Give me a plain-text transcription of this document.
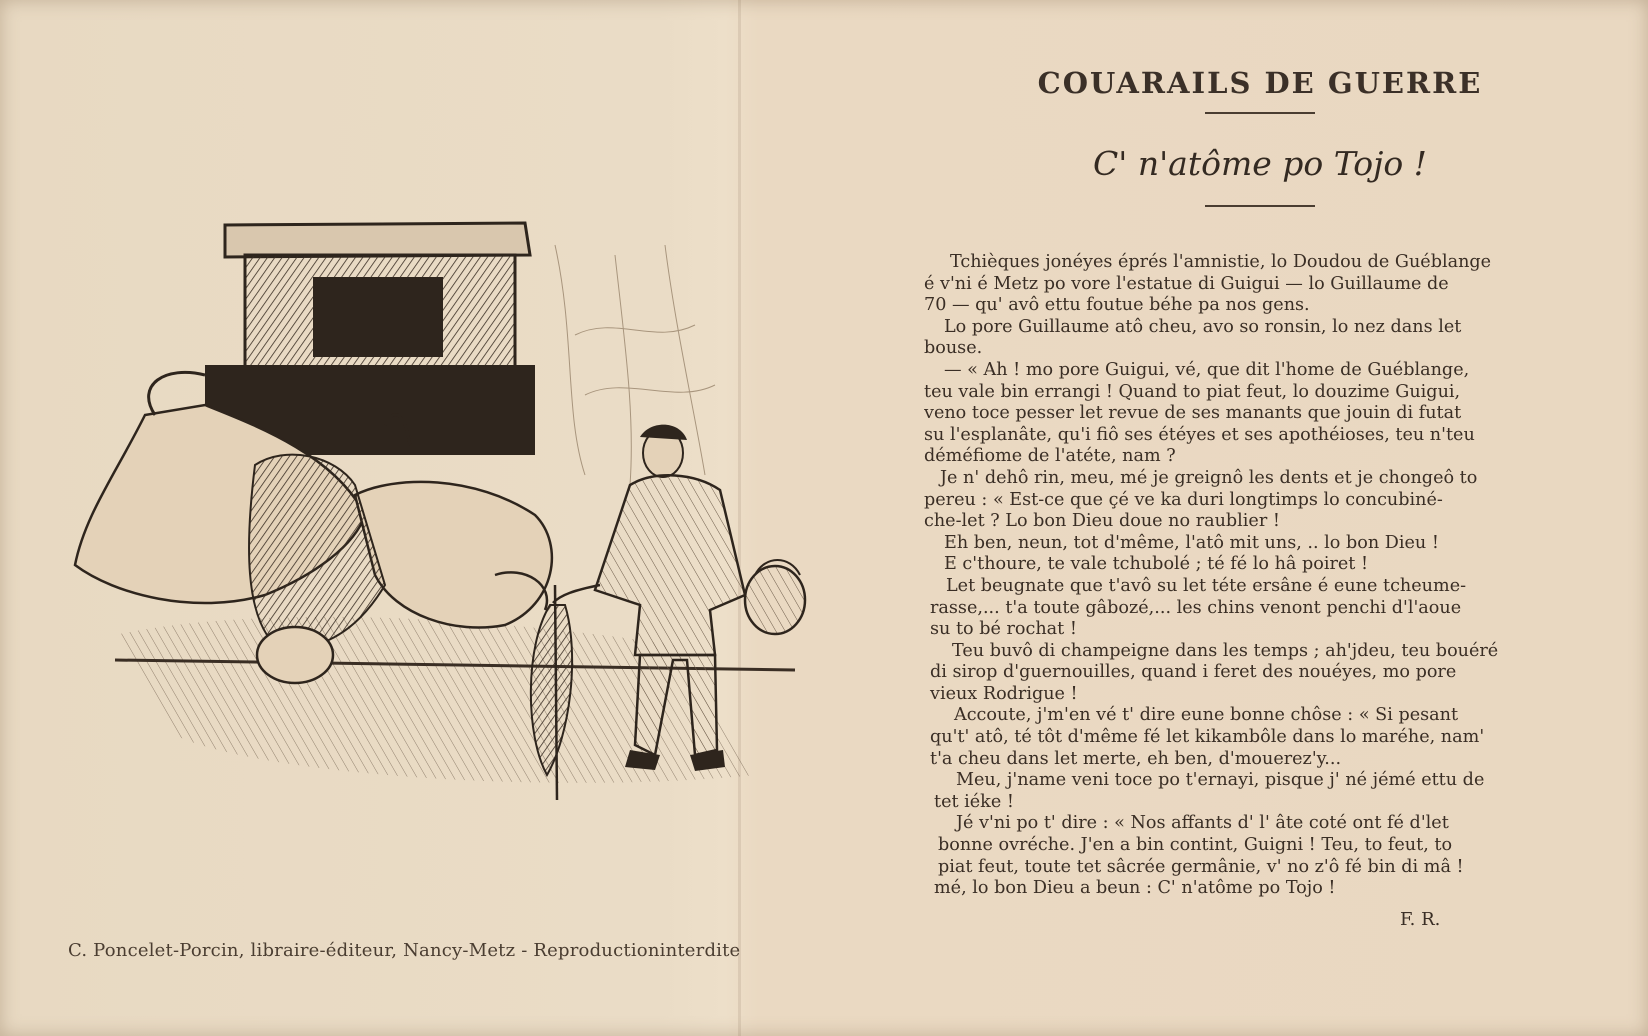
C. Poncelet-Porcin, libraire-éditeur, Nancy-Metz - Reproductioninterdite
COUARAILS DE GUERRE
C' n'atôme po Tojo !
Tchièques jonéyes éprés l'amnistie, lo Doudou de Guéblange
é v'ni é Metz po vore l'estatue di Guigui — lo Guillaume de
70 — qu' avô ettu foutue béhe pa nos gens.
Lo pore Guillaume atô cheu, avo so ronsin, lo nez dans let
bouse.
— « Ah ! mo pore Guigui, vé, que dit l'home de Guéblange,
teu vale bin errangi ! Quand to piat feut, lo douzime Guigui,
veno toce pesser let revue de ses manants que jouin di futat
su l'esplanâte, qu'i fiô ses étéyes et ses apothéioses, teu n'teu
déméfiome de l'atéte, nam ?
Je n' dehô rin, meu, mé je greignô les dents et je chongeô to
pereu : « Est-ce que çé ve ka duri longtimps lo concubiné-
che-let ? Lo bon Dieu doue no raublier !
Eh ben, neun, tot d'même, l'atô mit uns, .. lo bon Dieu !
E c'thoure, te vale tchubolé ; té fé lo hâ poiret !
Let beugnate que t'avô su let téte ersâne é eune tcheume-
rasse,... t'a toute gâbozé,... les chins venont penchi d'l'aoue
su to bé rochat !
Teu buvô di champeigne dans les temps ; ah'jdeu, teu bouéré
di sirop d'guernouilles, quand i feret des nouéyes, mo pore
vieux Rodrigue !
Accoute, j'm'en vé t' dire eune bonne chôse : « Si pesant
qu't' atô, té tôt d'même fé let kikambôle dans lo maréhe, nam'
t'a cheu dans let merte, eh ben, d'mouerez'y...
Meu, j'name veni toce po t'ernayi, pisque j' né jémé ettu de
tet iéke !
Jé v'ni po t' dire : « Nos affants d' l' âte coté ont fé d'let
bonne ovréche. J'en a bin contint, Guigni ! Teu, to feut, to
piat feut, toute tet sâcrée germânie, v' no z'ô fé bin di mâ !
mé, lo bon Dieu a beun : C' n'atôme po Tojo !
F. R.
